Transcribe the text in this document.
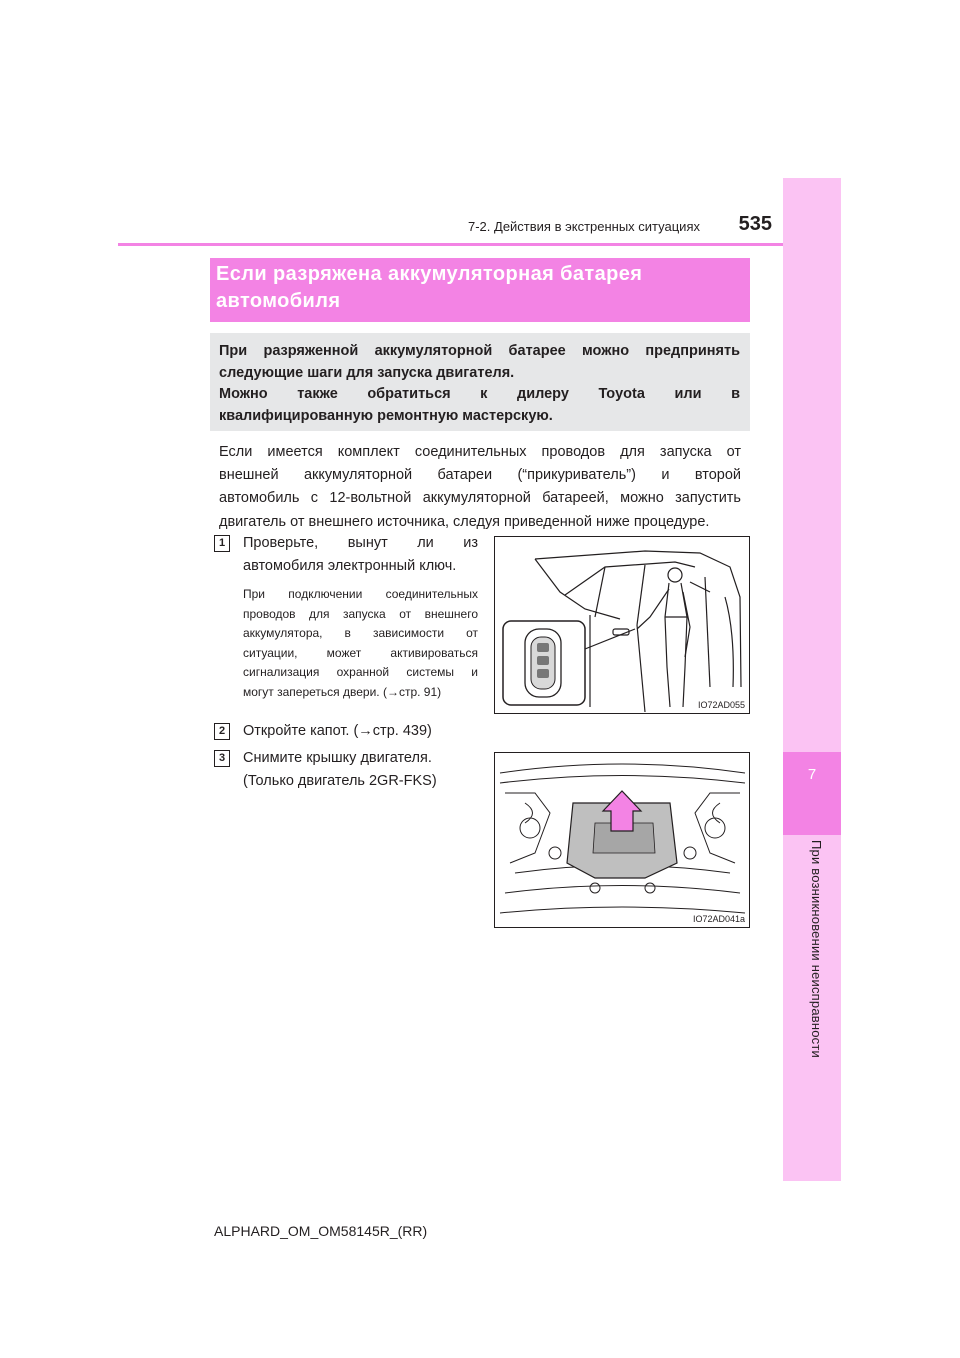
7
При возникновении неисправности
7-2. Действия в экстренных ситуациях	535
Если разряжена аккумуляторная батарея
автомобиля

При разряженной аккумуляторной батарее можно предпринять

следующие шаги для запуска двигателя.

Можно также обратиться к дилеру Toyota или в

квалифицированную ремонтную мастерскую.

Если имеется комплект соединительных проводов для запуска от

внешней аккумуляторной батареи (“прикуриватель”) и второй

автомобиль с 12-вольтной аккумуляторной батареей, можно запустить

двигатель от внешнего источника, следуя приведенной ниже процедуре.

1	Проверьте, вынут ли из

автомобиля электронный ключ.

При подключении соединительных

проводов для запуска от внешнего

аккумулятора, в зависимости от

ситуации, может активироваться

сигнализация охранной системы и

могут запереться двери. (→стр. 91)

IO72AD055
2	Откройте капот. (→стр. 439)

3	Снимите крышку двигателя.

(Только двигатель 2GR-FKS)

IO72AD041a
ALPHARD_OM_OM58145R_(RR)
